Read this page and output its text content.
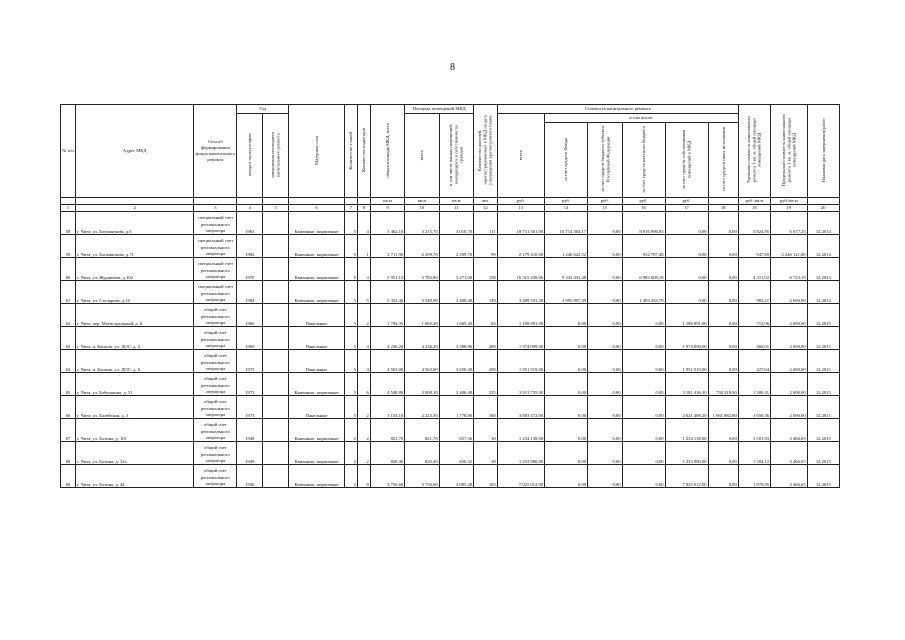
8
№ п/п	Адрес МКД	Способ формирования фонда капитального ремонта	Год		Материал стен	Количество этажей	Количество подъездов	общая площадь МКД, всего	Площадь помещений МКД		Количество жителей, зарегистрированных в МКД на дату утверждения краткосрочного плана	Стоимость капитального ремонта						Удельная стоимость капитального ремонта 1 кв. м. общей площади помещений МКД	Предельная стоимость капитального ремонта 1 кв. м. общей площади помещений МКД	Плановая дата завершения работ
			ввода в эксплуатацию	завершения последнего капитального ремонта					всего	в том числе жилых помещений, находящихся в собственности граждан		всего	в том числе:							
													за счет средств Фонда	за счет средств бюджета субъекта Российской Федерации	за счет средств местного бюджета	за счет средств собственников помещений в МКД	за счет средств иных источников			
								кв.м	кв.м	кв.м	чел.	руб.	руб.	руб.	руб.	руб.		руб./кв.м	руб./кв.м	
1	2	3	4	5	6	7	8	9	10	11	12	13	14	15	16	17	18	18	19	20
58	г. Чита, ул. Богомягкова, д.6	специальный счет регионального оператора	1963		Каменные, кирпичные	5	4	3 462,10	3 215,70	3 010,70	111	18 731 301,00	10 714 304,17	0,00	8 016 996,83	0,00	0,00	5 824,95	6 677,25	12.2014
59	г. Чита, ул. Богомягкова, д.71	специальный счет регионального оператора	1982		Каменные, кирпичные	9	1	2 711,90	2 299,70	2 299,70	99	2 179 410,00	1 246 622,52	0,00	932 787,48	0,00	0,00	947,69	2 246 121,00	12.2014
60	г. Чита, ул. Журавлева, д.102	специальный счет регионального оператора	1970		Каменные, кирпичные	5	4	5 951,12	3 783,80	3 471,00	158	16 315 439,66	9 332 431,48	0,00	6 983 008,18	0,00	0,00	4 311,92	6 723,19	12.2014
61	г. Чита, ул. Столярова, д.16	специальный счет регионального оператора	1984		Каменные, кирпичные	5	5	5 352,40	3 548,90	3 408,40	149	3 489 331,28	1 995 897,49	0,00	1 493 433,79	0,00	0,00	983,21	2 690,00	12.2014
62	г. Чита, пер. Магистральный, д. 6	общий счет регионального оператора	1966		Панельные	5	2	1 794,35	1 665,20	1 665,20	84	1 188 891,00	0,00	0,00	0,00	1 188 891,00	0,00	713,96	2 690,00	12.2015
63	г. Чита, п. Каштак, ул. ДОС, д. 2	общий счет регионального оператора	1969		Панельные	5	4	4 236,20	4 236,20	3 388,96	200	1 974 099,00	0,00	0,00	0,00	1 974 099,00	0,00	466,01	2 690,00	12.2015
64	г. Чита, п. Каштак, ул. ДОС, д. 6	общий счет регионального оператора	1975		Панельные	5	4	4 563,00	4 563,00	3 650,40	200	1 951 519,00	0,00	0,00	0,00	1 951 519,00	0,00	427,64	2 690,00	12.2015
65	г. Чита, ул. Бабушкина, д. 51	общий счет регионального оператора	1973		Каменные, кирпичные	5	6	4 548,80	3 008,10	2 406,48	225	3 911 755,00	0,00	0,00	0,00	3 181 436,10	730 318,90	1 300,41	2 690,00	12.2015
66	г. Чита, ул. Балейская, д. 3	общий счет регионального оператора	1973		Панельные	5	2	3 154,10	2 223,50	1 778,80	160	3 683 372,00	0,00	0,00	0,00	2 621 489,20	1 061 882,80	1 656,56	2 690,00	12.2015
67	г. Чита, ул. Ботина, д. 101	общий счет регионального оператора	1948		Каменные, кирпичные	2	2	821,70	821,70	657,36	30	1 234 138,00	0,00	0,00	0,00	1 234 138,00	0,00	1 501,93	3 466,65	12.2015
68	г. Чита, ул. Ботина, д. 32а	общий счет регионального оператора	1949		Каменные, кирпичные	2	2	820,40	820,40	656,32	30	1 233 980,00	0,00	0,00	0,00	1 233 980,00	0,00	1 504,12	3 466,65	12.2015
69	г. Чита, ул. Ботина, д. 44	общий счет регионального оператора	1936		Каменные, кирпичные	2	8	3 756,60	3 756,60	3 005,28	105	7 025 012,00	0,00	0,00	0,00	7 025 012,00	0,00	1 870,05	3 466,65	12.2015
